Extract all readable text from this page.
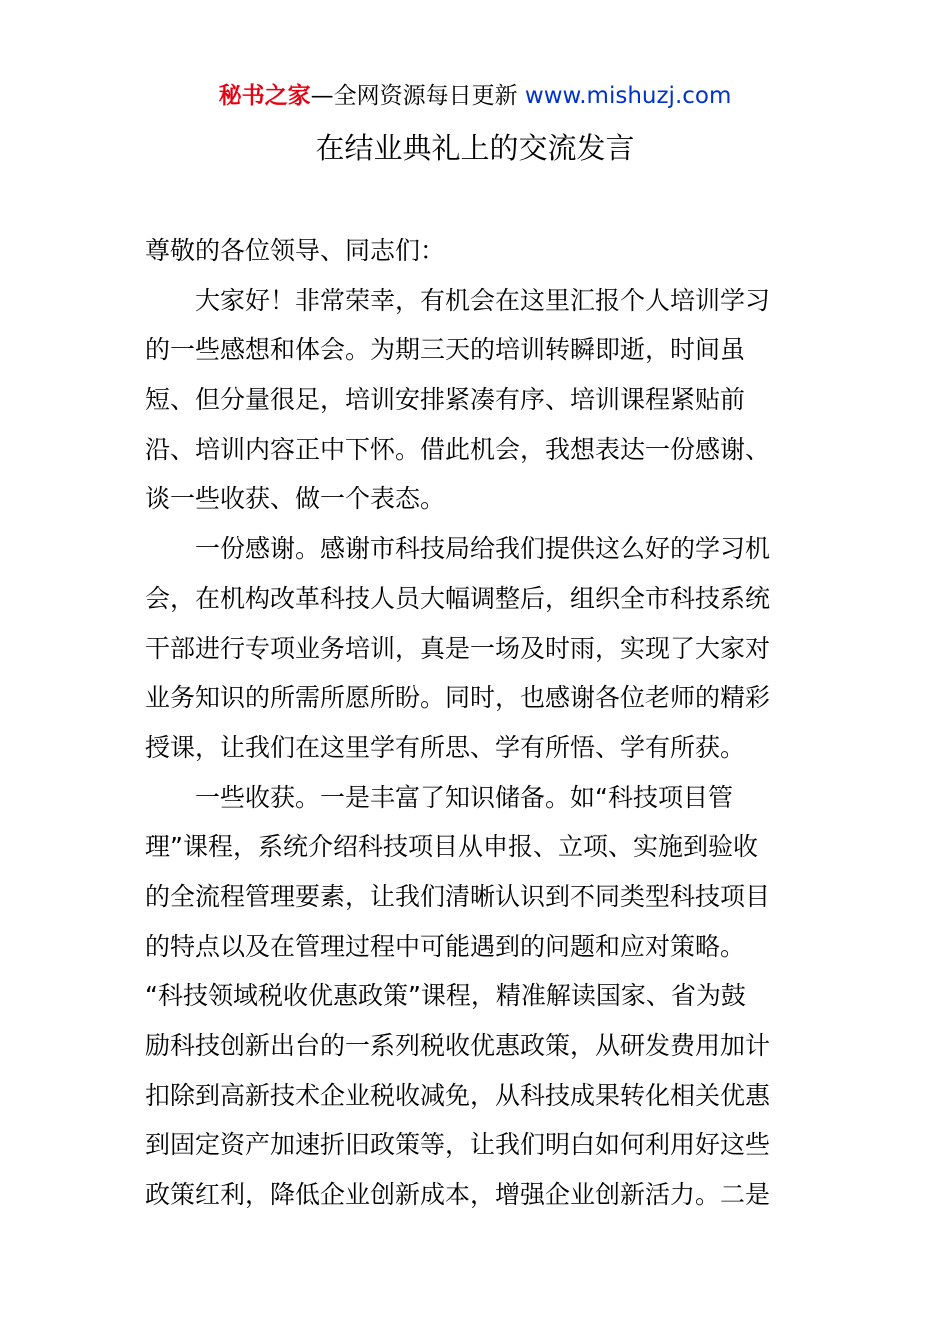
秘书之家—全网资源每日更新 www.mishuzj.com
在结业典礼上的交流发言
尊敬的各位领导、同志们：
大家好！非常荣幸，有机会在这里汇报个人培训学习
的一些感想和体会。为期三天的培训转瞬即逝，时间虽
短、但分量很足，培训安排紧凑有序、培训课程紧贴前
沿、培训内容正中下怀。借此机会，我想表达一份感谢、
谈一些收获、做一个表态。
一份感谢。感谢市科技局给我们提供这么好的学习机
会，在机构改革科技人员大幅调整后，组织全市科技系统
干部进行专项业务培训，真是一场及时雨，实现了大家对
业务知识的所需所愿所盼。同时，也感谢各位老师的精彩
授课，让我们在这里学有所思、学有所悟、学有所获。
一些收获。一是丰富了知识储备。如“科技项目管
理”课程，系统介绍科技项目从申报、立项、实施到验收
的全流程管理要素，让我们清晰认识到不同类型科技项目
的特点以及在管理过程中可能遇到的问题和应对策略。
“科技领域税收优惠政策”课程，精准解读国家、省为鼓
励科技创新出台的一系列税收优惠政策，从研发费用加计
扣除到高新技术企业税收减免，从科技成果转化相关优惠
到固定资产加速折旧政策等，让我们明白如何利用好这些
政策红利，降低企业创新成本，增强企业创新活力。二是
